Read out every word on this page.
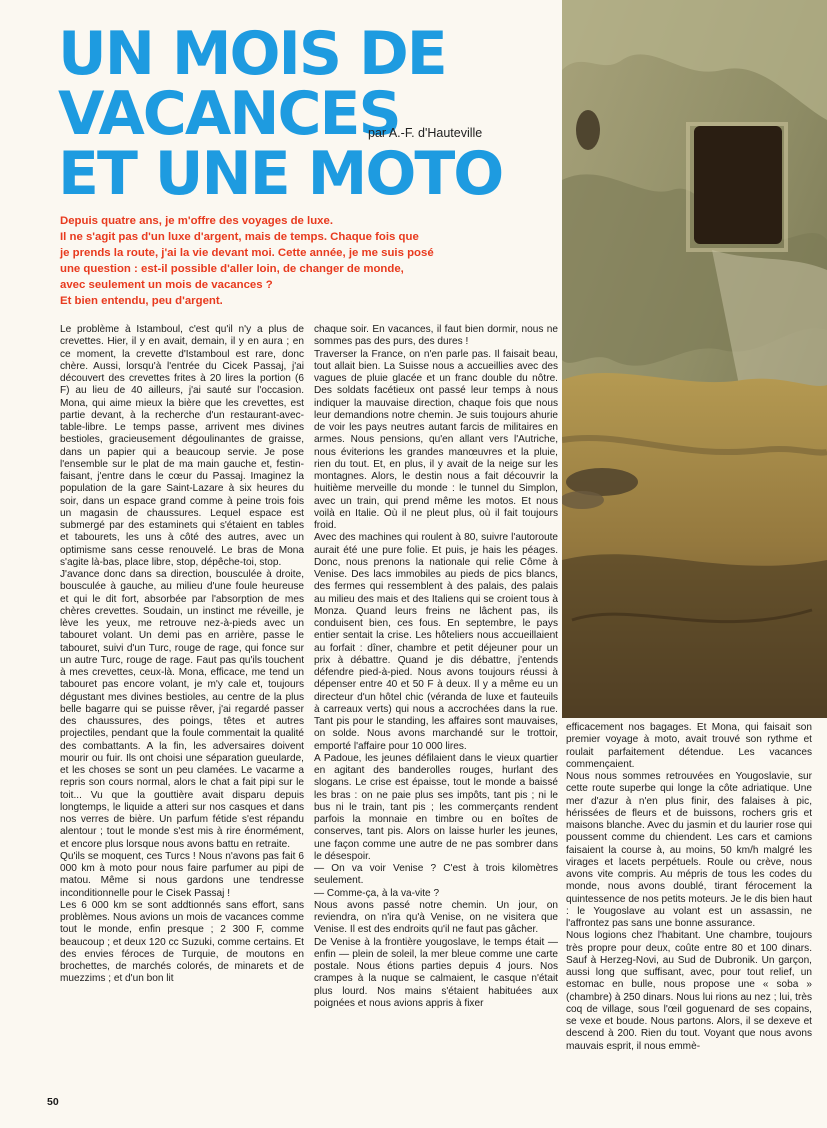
UN MOIS DE
VACANCES
ET UNE MOTO
par A.-F. d'Hauteville

Depuis quatre ans, je m'offre des voyages de luxe.

Il ne s'agit pas d'un luxe d'argent, mais de temps. Chaque fois que

je prends la route, j'ai la vie devant moi. Cette année, je me suis posé

une question : est-il possible d'aller loin, de changer de monde,

avec seulement un mois de vacances ?

Et bien entendu, peu d'argent.

Le problème à Istamboul, c'est qu'il n'y a plus de crevettes. Hier, il y en avait, demain, il y en aura ; en ce moment, la crevette d'Istamboul est rare, donc chère. Aussi, lorsqu'à l'entrée du Cicek Passaj, j'ai découvert des crevettes frites à 20 lires la portion (6 F) au lieu de 40 ailleurs, j'ai sauté sur l'occasion. Mona, qui aime mieux la bière que les crevettes, est partie devant, à la recherche d'un restaurant-avec-table-libre. Le temps passe, arrivent mes divines bestioles, gracieusement dégoulinantes de graisse, dans un papier qui a beaucoup servie. Je pose l'ensemble sur le plat de ma main gauche et, festin-faisant, j'entre dans le cœur du Passaj. Imaginez la population de la gare Saint-Lazare à six heures du soir, dans un espace grand comme à peine trois fois un magasin de chaussures. Lequel espace est submergé par des estaminets qui s'étaient en tables et tabourets, les uns à côté des autres, avec un optimisme sans cesse renouvelé. Le bras de Mona s'agite là-bas, place libre, stop, dépêche-toi, stop.

J'avance donc dans sa direction, bousculée à droite, bousculée à gauche, au milieu d'une foule heureuse et qui le dit fort, absorbée par l'absorption de mes chères crevettes. Soudain, un instinct me réveille, je lève les yeux, me retrouve nez-à-pieds avec un tabouret volant. Un demi pas en arrière, passe le tabouret, suivi d'un Turc, rouge de rage, qui fonce sur un autre Turc, rouge de rage. Faut pas qu'ils touchent à mes crevettes, ceux-là. Mona, efficace, me tend un tabouret pas encore volant, je m'y cale et, toujours dégustant mes divines bestioles, au centre de la plus belle bagarre qui se puisse rêver, j'ai regardé passer des chaussures, des poings, têtes et autres projectiles, pendant que la foule commentait la qualité des combattants. A la fin, les adversaires doivent mourir ou fuir. Ils ont choisi une séparation gueularde, et les choses se sont un peu clamées. Le vacarme a repris son cours normal, alors le chat a fait pipi sur le toit... Vu que la gouttière avait disparu depuis longtemps, le liquide a atteri sur nos casques et dans nos verres de bière. Un parfum fétide s'est répandu alentour ; tout le monde s'est mis à rire énormément, et encore plus lorsque nous avons battu en retraite.

Qu'ils se moquent, ces Turcs ! Nous n'avons pas fait 6 000 km à moto pour nous faire parfumer au pipi de matou. Même si nous gardons une tendresse inconditionnelle pour le Cisek Passaj !

Les 6 000 km se sont addtionnés sans effort, sans problèmes. Nous avions un mois de vacances comme tout le monde, enfin presque ; 2 300 F, comme beaucoup ; et deux 120 cc Suzuki, comme certains. Et des envies féroces de Turquie, de moutons en brochettes, de marchés colorés, de minarets et de muezzims ; et d'un bon lit

chaque soir. En vacances, il faut bien dormir, nous ne sommes pas des purs, des dures !

Traverser la France, on n'en parle pas. Il faisait beau, tout allait bien. La Suisse nous a accueillies avec des vagues de pluie glacée et un franc double du nôtre. Des soldats facétieux ont passé leur temps à nous indiquer la mauvaise direction, chaque fois que nous leur demandions notre chemin. Je suis toujours ahurie de voir les pays neutres autant farcis de militaires en armes. Nous pensions, qu'en allant vers l'Autriche, nous éviterions les grandes manœuvres et la pluie, rien du tout. Et, en plus, il y avait de la neige sur les montagnes. Alors, le destin nous a fait découvrir la huitième merveille du monde : le tunnel du Simplon, avec un train, qui prend même les motos. Et nous voilà en Italie. Où il ne pleut plus, où il fait toujours froid.

Avec des machines qui roulent à 80, suivre l'autoroute aurait été une pure folie. Et puis, je hais les péages. Donc, nous prenons la nationale qui relie Côme à Venise. Des lacs immobiles au pieds de pics blancs, des fermes qui ressemblent à des palais, des palais au milieu des mais et des Italiens qui se croient tous à Monza. Quand leurs freins ne lâchent pas, ils conduisent bien, ces fous. En septembre, le pays entier sentait la crise. Les hôteliers nous accueillaient au forfait : dîner, chambre et petit déjeuner pour un prix à débattre. Quand je dis débattre, j'entends défendre pied-à-pied. Nous avons toujours réussi à dépenser entre 40 et 50 F à deux. Il y a même eu un directeur d'un hôtel chic (véranda de luxe et fauteuils à carreaux verts) qui nous a accrochées dans la rue. Tant pis pour le standing, les affaires sont mauvaises, on solde. Nous avons marchandé sur le trottoir, emporté l'affaire pour 10 000 lires.

A Padoue, les jeunes défilaient dans le vieux quartier en agitant des banderolles rouges, hurlant des slogans. Le crise est épaisse, tout le monde a baissé les bras : on ne paie plus ses impôts, tant pis ; ni le bus ni le train, tant pis ; les commerçants rendent parfois la monnaie en timbre ou en boîtes de conserves, tant pis. Alors on laisse hurler les jeunes, une façon comme une autre de ne pas sombrer dans le désespoir.

— On va voir Venise ? C'est à trois kilomètres seulement.

— Comme-ça, à la va-vite ?

Nous avons passé notre chemin. Un jour, on reviendra, on n'ira qu'à Venise, on ne visitera que Venise. Il est des endroits qu'il ne faut pas gâcher.

De Venise à la frontière yougoslave, le temps était — enfin — plein de soleil, la mer bleue comme une carte postale. Nous étions parties depuis 4 jours. Nos crampes à la nuque se calmaient, le casque n'était plus lourd. Nos mains s'étaient habituées aux poignées et nous avions appris à fixer

efficacement nos bagages. Et Mona, qui faisait son premier voyage à moto, avait trouvé son rythme et roulait parfaitement détendue. Les vacances commençaient.

Nous nous sommes retrouvées en Yougoslavie, sur cette route superbe qui longe la côte adriatique. Une mer d'azur à n'en plus finir, des falaises à pic, hérissées de fleurs et de buissons, rochers gris et maisons blanche. Avec du jasmin et du laurier rose qui poussent comme du chiendent. Les cars et camions faisaient la course à, au moins, 50 km/h malgré les virages et lacets perpétuels. Roule ou crève, nous avons vite compris. Au mépris de tous les codes du monde, nous avons doublé, tirant férocement la quintessence de nos petits moteurs. Je le dis bien haut : le Yougoslave au volant est un assassin, ne l'affrontez pas sans une bonne assurance.

Nous logions chez l'habitant. Une chambre, toujours très propre pour deux, coûte entre 80 et 100 dinars. Sauf à Herzeg-Novi, au Sud de Dubronik. Un garçon, aussi long que suffisant, avec, pour tout relief, un estomac en bulle, nous propose une « soba » (chambre) à 250 dinars. Nous lui rions au nez ; lui, très coq de village, sous l'œil goguenard de ses copains, se vexe et boude. Nous partons. Alors, il se dexeve et descend à 200. Rien du tout. Voyant que nous avons mauvais esprit, il nous emmè-

50
